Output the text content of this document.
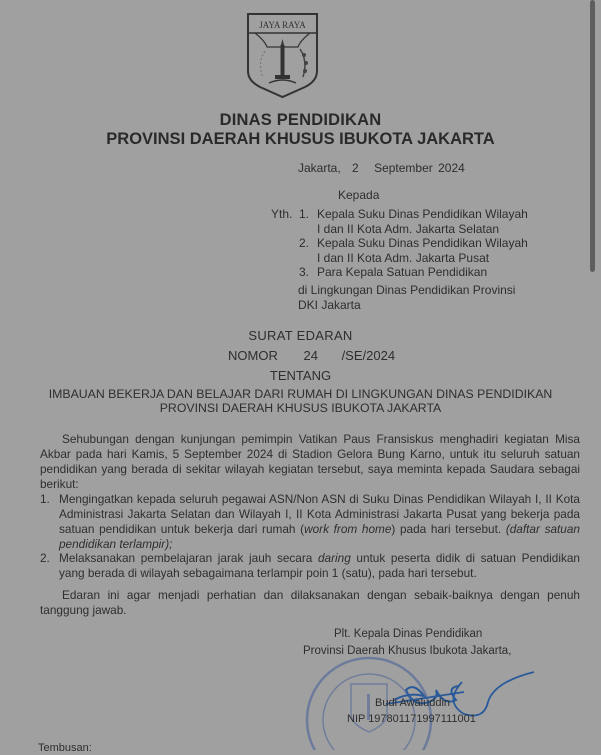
JAYA RAYA
DINAS PENDIDIKAN
PROVINSI DAERAH KHUSUS IBUKOTA JAKARTA
Jakarta, 2 September 2024
Kepada
Yth. 1. Kepala Suku Dinas Pendidikan Wilayah
I dan II Kota Adm. Jakarta Selatan
2. Kepala Suku Dinas Pendidikan Wilayah
I dan II Kota Adm. Jakarta Pusat
3. Para Kepala Satuan Pendidikan
di Lingkungan Dinas Pendidikan Provinsi
DKI Jakarta
SURAT EDARAN
NOMOR 24 /SE/2024
TENTANG
IMBAUAN BEKERJA DAN BELAJAR DARI RUMAH DI LINGKUNGAN DINAS PENDIDIKAN
PROVINSI DAERAH KHUSUS IBUKOTA JAKARTA
Sehubungan dengan kunjungan pemimpin Vatikan Paus Fransiskus menghadiri kegiatan Misa Akbar pada hari Kamis, 5 September 2024 di Stadion Gelora Bung Karno, untuk itu seluruh satuan pendidikan yang berada di sekitar wilayah kegiatan tersebut, saya meminta kepada Saudara sebagai berikut:
1. Mengingatkan kepada seluruh pegawai ASN/Non ASN di Suku Dinas Pendidikan Wilayah I, II Kota Administrasi Jakarta Selatan dan Wilayah I, II Kota Administrasi Jakarta Pusat yang bekerja pada satuan pendidikan untuk bekerja dari rumah (work from home) pada hari tersebut. (daftar satuan pendidikan terlampir);
2. Melaksanakan pembelajaran jarak jauh secara daring untuk peserta didik di satuan Pendidikan yang berada di wilayah sebagaimana terlampir poin 1 (satu), pada hari tersebut.
Edaran ini agar menjadi perhatian dan dilaksanakan dengan sebaik-baiknya dengan penuh tanggung jawab.
Plt. Kepala Dinas Pendidikan
Provinsi Daerah Khusus Ibukota Jakarta,
Budi Awaluddin
NIP 197801171997111001
Tembusan:
